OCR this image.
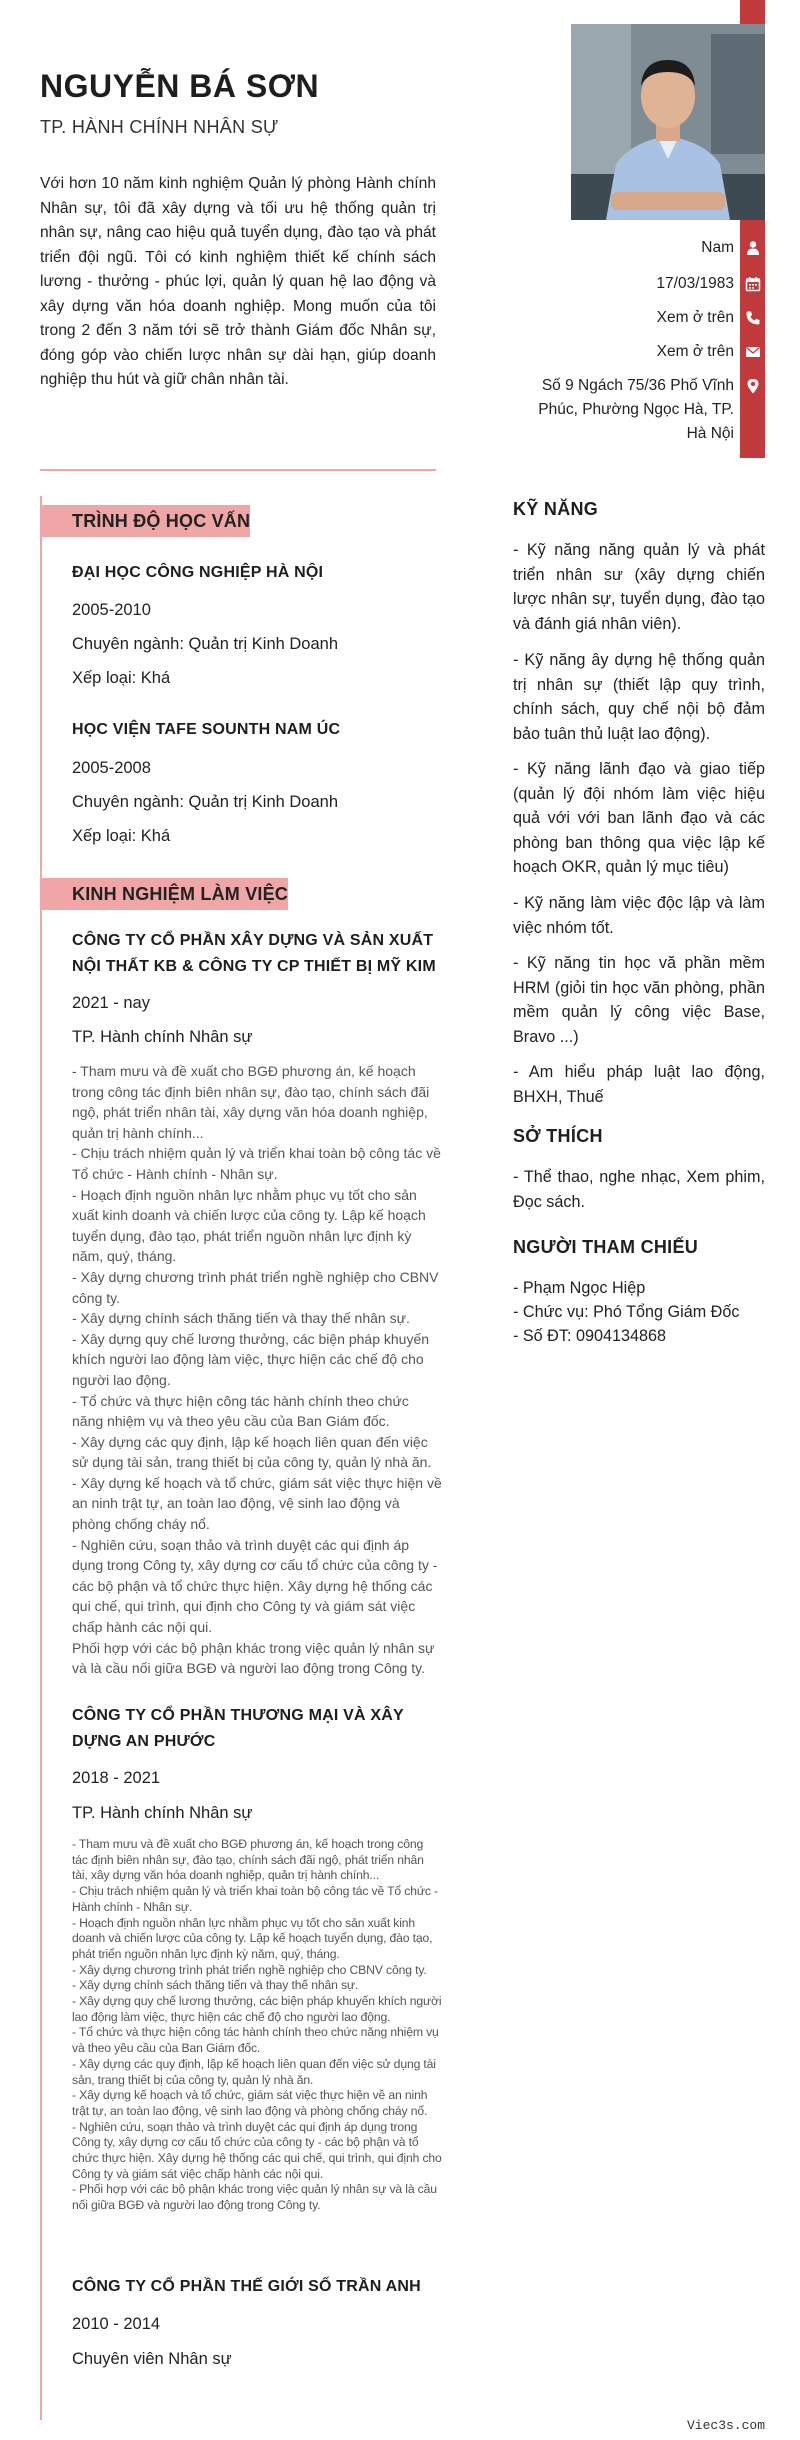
NGUYỄN BÁ SƠN
TP. HÀNH CHÍNH NHÂN SỰ

Với hơn 10 năm kinh nghiệm Quản lý phòng Hành chính Nhân sự, tôi đã xây dựng và tối ưu hệ thống quản trị nhân sự, nâng cao hiệu quả tuyển dụng, đào tạo và phát triển đội ngũ. Tôi có kinh nghiệm thiết kế chính sách lương - thưởng - phúc lợi, quản lý quan hệ lao động và xây dựng văn hóa doanh nghiệp. Mong muốn của tôi trong 2 đến 3 năm tới sẽ trở thành Giám đốc Nhân sự, đóng góp vào chiến lược nhân sự dài hạn, giúp doanh nghiệp thu hút và giữ chân nhân tài.

Nam
17/03/1983
Xem ở trên
Xem ở trên
Số 9 Ngách 75/36 Phố Vĩnh Phúc, Phường Ngọc Hà, TP. Hà Nội
TRÌNH ĐỘ HỌC VẤN
ĐẠI HỌC CÔNG NGHIỆP HÀ NỘI
2005-2010
Chuyên ngành: Quản trị Kinh Doanh
Xếp loại: Khá
HỌC VIỆN TAFE SOUNTH NAM ÚC
2005-2008
Chuyên ngành: Quản trị Kinh Doanh
Xếp loại: Khá
KINH NGHIỆM LÀM VIỆC
CÔNG TY CỔ PHẦN XÂY DỰNG VÀ SẢN XUẤT NỘI THẤT KB & CÔNG TY CP THIẾT BỊ MỸ KIM
2021 - nay
TP. Hành chính Nhân sự
- Tham mưu và đề xuất cho BGĐ phương án, kế hoạch trong công tác định biên nhân sự, đào tạo, chính sách đãi ngộ, phát triển nhân tài, xây dựng văn hóa doanh nghiệp, quản trị hành chính...
- Chịu trách nhiệm quản lý và triển khai toàn bộ công tác về Tổ chức - Hành chính - Nhân sự.
- Hoạch định nguồn nhân lực nhằm phục vụ tốt cho sản xuất kinh doanh và chiến lược của công ty. Lập kế hoạch tuyển dụng, đào tạo, phát triển nguồn nhân lực định kỳ năm, quý, tháng.
- Xây dựng chương trình phát triển nghề nghiệp cho CBNV công ty.
- Xây dựng chính sách thăng tiến và thay thế nhân sự.
- Xây dựng quy chế lương thưởng, các biện pháp khuyến khích người lao động làm việc, thực hiện các chế độ cho người lao động.
- Tổ chức và thực hiện công tác hành chính theo chức năng nhiệm vụ và theo yêu cầu của Ban Giám đốc.
- Xây dựng các quy định, lập kế hoạch liên quan đến việc sử dụng tài sản, trang thiết bị của công ty, quản lý nhà ăn.
- Xây dựng kế hoạch và tổ chức, giám sát việc thực hiện về an ninh trật tự, an toàn lao động, vệ sinh lao động và phòng chống cháy nổ.
- Nghiên cứu, soạn thảo và trình duyệt các qui định áp dụng trong Công ty, xây dựng cơ cấu tổ chức của công ty - các bộ phận và tổ chức thực hiện. Xây dựng hệ thống các qui chế, qui trình, qui định cho Công ty và giám sát việc chấp hành các nội qui.
Phối hợp với các bộ phận khác trong việc quản lý nhân sự và là cầu nối giữa BGĐ và người lao động trong Công ty.
CÔNG TY CỔ PHẦN THƯƠNG MẠI VÀ XÂY DỰNG AN PHƯỚC
2018 - 2021
TP. Hành chính Nhân sự
- Tham mưu và đề xuất cho BGĐ phương án, kế hoạch trong công tác định biên nhân sự, đào tạo, chính sách đãi ngộ, phát triển nhân tài, xây dựng văn hóa doanh nghiệp, quản trị hành chính...
- Chịu trách nhiệm quản lý và triển khai toàn bộ công tác về Tổ chức - Hành chính - Nhân sự.
- Hoạch định nguồn nhân lực nhằm phục vụ tốt cho sản xuất kinh doanh và chiến lược của công ty. Lập kế hoạch tuyển dụng, đào tạo, phát triển nguồn nhân lực định kỳ năm, quý, tháng.
- Xây dựng chương trình phát triển nghề nghiệp cho CBNV công ty.
- Xây dựng chính sách thăng tiến và thay thế nhân sự.
- Xây dựng quy chế lương thưởng, các biện pháp khuyến khích người lao động làm việc, thực hiện các chế độ cho người lao động.
- Tổ chức và thực hiện công tác hành chính theo chức năng nhiệm vụ và theo yêu cầu của Ban Giám đốc.
- Xây dựng các quy định, lập kế hoạch liên quan đến việc sử dụng tài sản, trang thiết bị của công ty, quản lý nhà ăn.
- Xây dựng kế hoạch và tổ chức, giám sát việc thực hiện về an ninh trật tự, an toàn lao động, vệ sinh lao động và phòng chống cháy nổ.
- Nghiên cứu, soạn thảo và trình duyệt các qui định áp dụng trong Công ty, xây dựng cơ cấu tổ chức của công ty - các bộ phận và tổ chức thực hiện. Xây dựng hệ thống các qui chế, qui trình, qui định cho Công ty và giám sát việc chấp hành các nội qui.
- Phối hợp với các bộ phận khác trong việc quản lý nhân sự và là cầu nối giữa BGĐ và người lao động trong Công ty.
CÔNG TY CỔ PHẦN THẾ GIỚI SỐ TRẦN ANH
2010 - 2014
Chuyên viên Nhân sự
KỸ NĂNG
- Kỹ năng năng quản lý và phát triển nhân sư (xây dựng chiến lược nhân sự, tuyển dụng, đào tạo và đánh giá nhân viên).
- Kỹ năng ây dựng hệ thống quản trị nhân sự (thiết lập quy trình, chính sách, quy chế nội bộ đảm bảo tuân thủ luật lao động).
- Kỹ năng lãnh đạo và giao tiếp (quản lý đội nhóm làm việc hiệu quả với với ban lãnh đạo và các phòng ban thông qua việc lập kế hoạch OKR, quản lý mục tiêu)
- Kỹ năng làm việc độc lập và làm việc nhóm tốt.
- Kỹ năng tin học vă phần mềm HRM (giỏi tin học văn phòng, phần mềm quản lý công việc Base, Bravo ...)
- Am hiểu pháp luật lao động, BHXH, Thuế
SỞ THÍCH
- Thể thao, nghe nhạc, Xem phim, Đọc sách.
NGƯỜI THAM CHIẾU
- Phạm Ngọc Hiệp
- Chức vụ: Phó Tổng Giám Đốc
- Số ĐT: 0904134868
Viec3s.com
